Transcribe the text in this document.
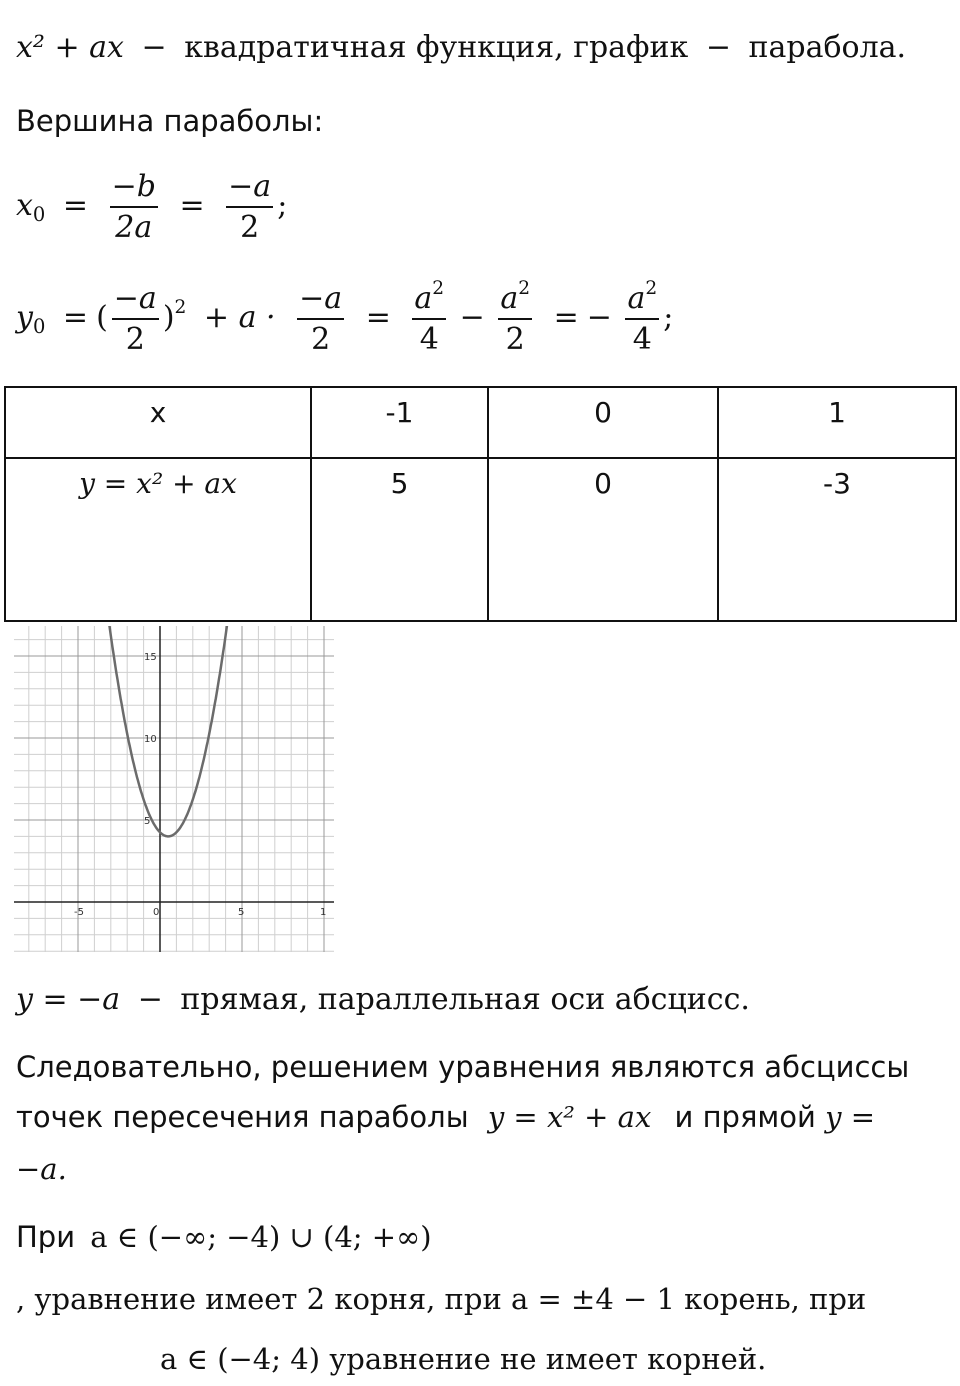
x² + ax − квадратичная функция, график − парабола.
Вершина параболы:
$x_0 = \frac{-b}{2a} = \frac{-a}{2}$ ;
$y_0$ = ( $\frac{-a}{2} )^2 + a \cdot \frac{-a}{2} = \frac{a^2}{4} - \frac{a^2}{2}$ = − $\frac{a^2}{4}$ ;
x	-1	0	1
y = x² + ax	5	0	-3
-5	0	5	1
15
10
5
y = −a − прямая, параллельная оси абсцисс.
Следовательно, решением уравнения являются абсциссы
точек пересечения параболы y = x² + ax и прямой y =
−a.
При a ∈ (−∞; −4) ∪ (4; +∞)
, уравнение имеет 2 корня, при a = ±4 − 1 корень, при
a ∈ (−4; 4) уравнение не имеет корней.
